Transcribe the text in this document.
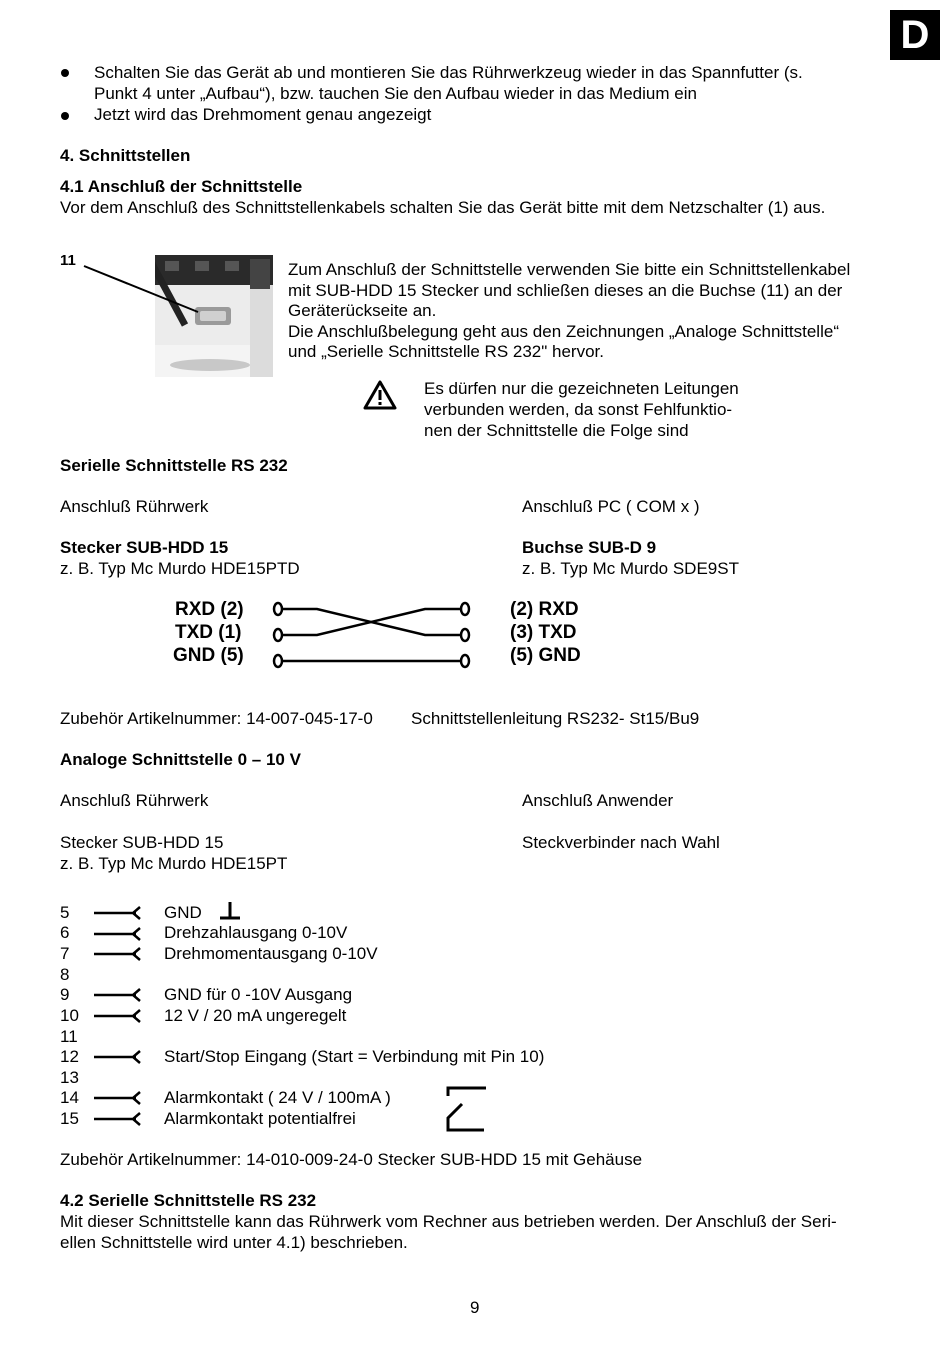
D
Schalten Sie das Gerät ab und montieren Sie das Rührwerkzeug wieder in das Spannfutter (s.
Punkt 4 unter „Aufbau“), bzw. tauchen Sie den Aufbau wieder in das Medium ein
Jetzt wird das Drehmoment genau angezeigt
4. Schnittstellen
4.1 Anschluß der Schnittstelle
Vor dem Anschluß des Schnittstellenkabels schalten Sie das Gerät bitte mit dem Netzschalter (1) aus.
11	Zum Anschluß der Schnittstelle verwenden Sie bitte ein Schnittstellenkabel
mit SUB-HDD 15 Stecker und schließen dieses an die Buchse (11) an der
Geräterückseite an.
Die Anschlußbelegung geht aus den Zeichnungen „Analoge Schnittstelle“
und „Serielle Schnittstelle RS 232" hervor.
Es dürfen nur die gezeichneten Leitungen
verbunden werden, da sonst Fehlfunktio-
nen der Schnittstelle die Folge sind
Serielle Schnittstelle RS 232
Anschluß Rührwerk	Anschluß PC ( COM x )
Stecker SUB-HDD 15	Buchse SUB-D 9
z. B. Typ Mc Murdo HDE15PTD	z. B. Typ Mc Murdo SDE9ST
RXD (2)
TXD (1)
GND (5)
(2) RXD
(3) TXD
(5) GND
Zubehör Artikelnummer: 14-007-045-17-0 Schnittstellenleitung RS232- St15/Bu9
Analoge Schnittstelle 0 – 10 V
Anschluß Rührwerk	Anschluß Anwender
Stecker SUB-HDD 15	Steckverbinder nach Wahl
z. B. Typ Mc Murdo HDE15PT
5	GND
6	Drehzahlausgang 0-10V
7	Drehmomentausgang 0-10V
8
9	GND für 0 -10V Ausgang
10	12 V / 20 mA ungeregelt
11
12	Start/Stop Eingang (Start = Verbindung mit Pin 10)
13
14	Alarmkontakt ( 24 V / 100mA )
15	Alarmkontakt potentialfrei
Zubehör Artikelnummer: 14-010-009-24-0 Stecker SUB-HDD 15 mit Gehäuse
4.2 Serielle Schnittstelle RS 232
Mit dieser Schnittstelle kann das Rührwerk vom Rechner aus betrieben werden. Der Anschluß der Seri-
ellen Schnittstelle wird unter 4.1) beschrieben.
9
